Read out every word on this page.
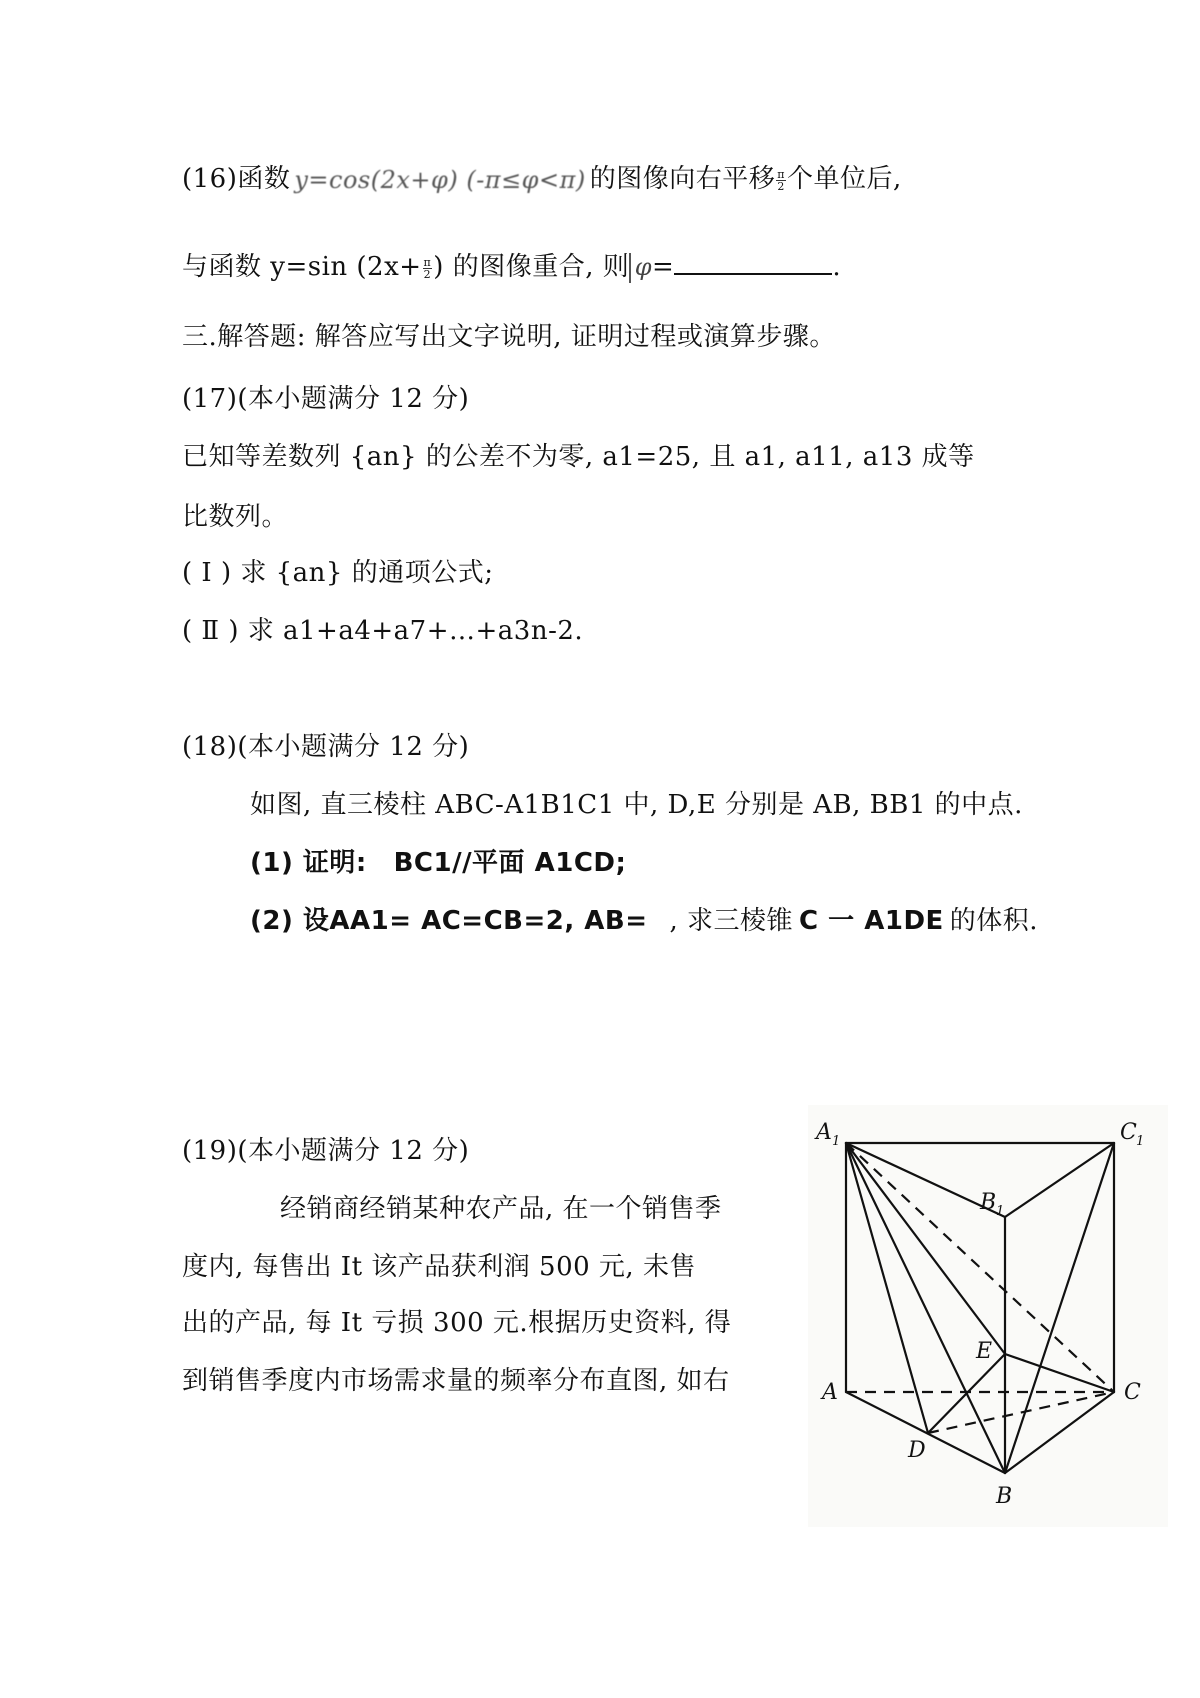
(16)函数 y=cos(2x+φ) (-π≤φ<π) 的图像向右平移 $\frac{\pi}{2}$ 个单位后,
与函数 y=sin ($2x+ \frac{\pi}{2}$ ) 的图像重合, 则 φ=	.
三.解答题: 解答应写出文字说明, 证明过程或演算步骤。
(17)(本小题满分 12 分)
已知等差数列 {an} 的公差不为零, a1=25, 且 a1, a11, a13 成等
比数列。
( Ⅰ ) 求 {an} 的通项公式;
( Ⅱ ) 求 a1+a4+a7+…+a3n-2.
(18)(本小题满分 12 分)
如图, 直三棱柱 ABC-A1B1C1 中, D,E 分别是 AB, BB1 的中点.
(1) 证明: BC1//平面 A1CD;
(2) 设AA1= AC=CB=2, AB= , 求三棱锥 C 一 A1DE 的体积.
(19)(本小题满分 12 分)
经销商经销某种农产品, 在一个销售季
度内, 每售出 It 该产品获利润 500 元, 未售
出的产品, 每 It 亏损 300 元.根据历史资料, 得
到销售季度内市场需求量的频率分布直图, 如右
A 1	C 1
B 1
E
A	C
D
B
